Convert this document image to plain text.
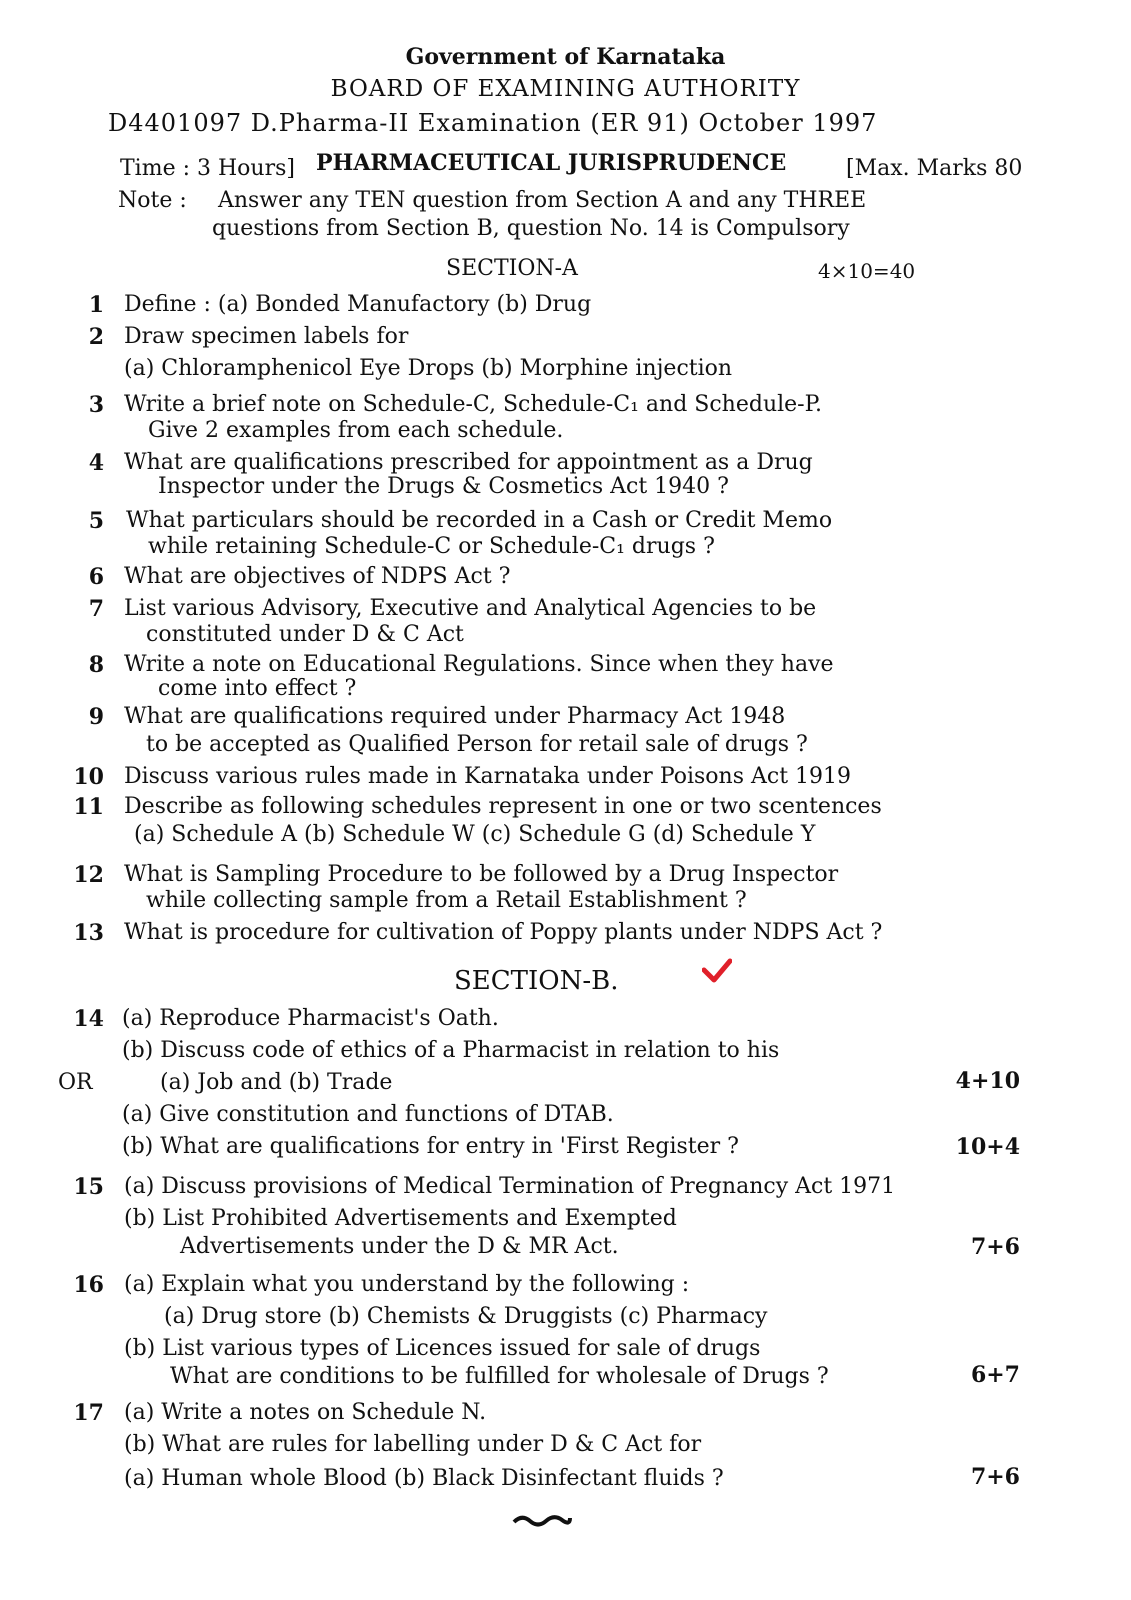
Government of Karnataka
BOARD OF EXAMINING AUTHORITY
D4401097 D.Pharma-II Examination (ER 91) October 1997
Time : 3 Hours] PHARMACEUTICAL JURISPRUDENCE	[Max. Marks 80
Note : Answer any TEN question from Section A and any THREE
questions from Section B, question No. 14 is Compulsory
SECTION-A	4×10=40
1 Define : (a) Bonded Manufactory (b) Drug
2 Draw specimen labels for
(a) Chloramphenicol Eye Drops (b) Morphine injection
3 Write a brief note on Schedule-C, Schedule-C₁ and Schedule-P.
Give 2 examples from each schedule.
4 What are qualifications prescribed for appointment as a Drug
Inspector under the Drugs & Cosmetics Act 1940 ?
5 What particulars should be recorded in a Cash or Credit Memo
while retaining Schedule-C or Schedule-C₁ drugs ?
6 What are objectives of NDPS Act ?
7 List various Advisory, Executive and Analytical Agencies to be
constituted under D & C Act
8 Write a note on Educational Regulations. Since when they have
come into effect ?
9 What are qualifications required under Pharmacy Act 1948
to be accepted as Qualified Person for retail sale of drugs ?
10 Discuss various rules made in Karnataka under Poisons Act 1919
11 Describe as following schedules represent in one or two scentences
(a) Schedule A (b) Schedule W (c) Schedule G (d) Schedule Y
12 What is Sampling Procedure to be followed by a Drug Inspector
while collecting sample from a Retail Establishment ?
13 What is procedure for cultivation of Poppy plants under NDPS Act ?
SECTION-B.
14 (a) Reproduce Pharmacist's Oath.
(b) Discuss code of ethics of a Pharmacist in relation to his
OR	(a) Job and (b) Trade	4+10
(a) Give constitution and functions of DTAB.
(b) What are qualifications for entry in 'First Register ?	10+4
15 (a) Discuss provisions of Medical Termination of Pregnancy Act 1971
(b) List Prohibited Advertisements and Exempted
Advertisements under the D & MR Act.	7+6
16 (a) Explain what you understand by the following :
(a) Drug store (b) Chemists & Druggists (c) Pharmacy
(b) List various types of Licences issued for sale of drugs
What are conditions to be fulfilled for wholesale of Drugs ?	6+7
17 (a) Write a notes on Schedule N.
(b) What are rules for labelling under D & C Act for
(a) Human whole Blood (b) Black Disinfectant fluids ?	7+6
